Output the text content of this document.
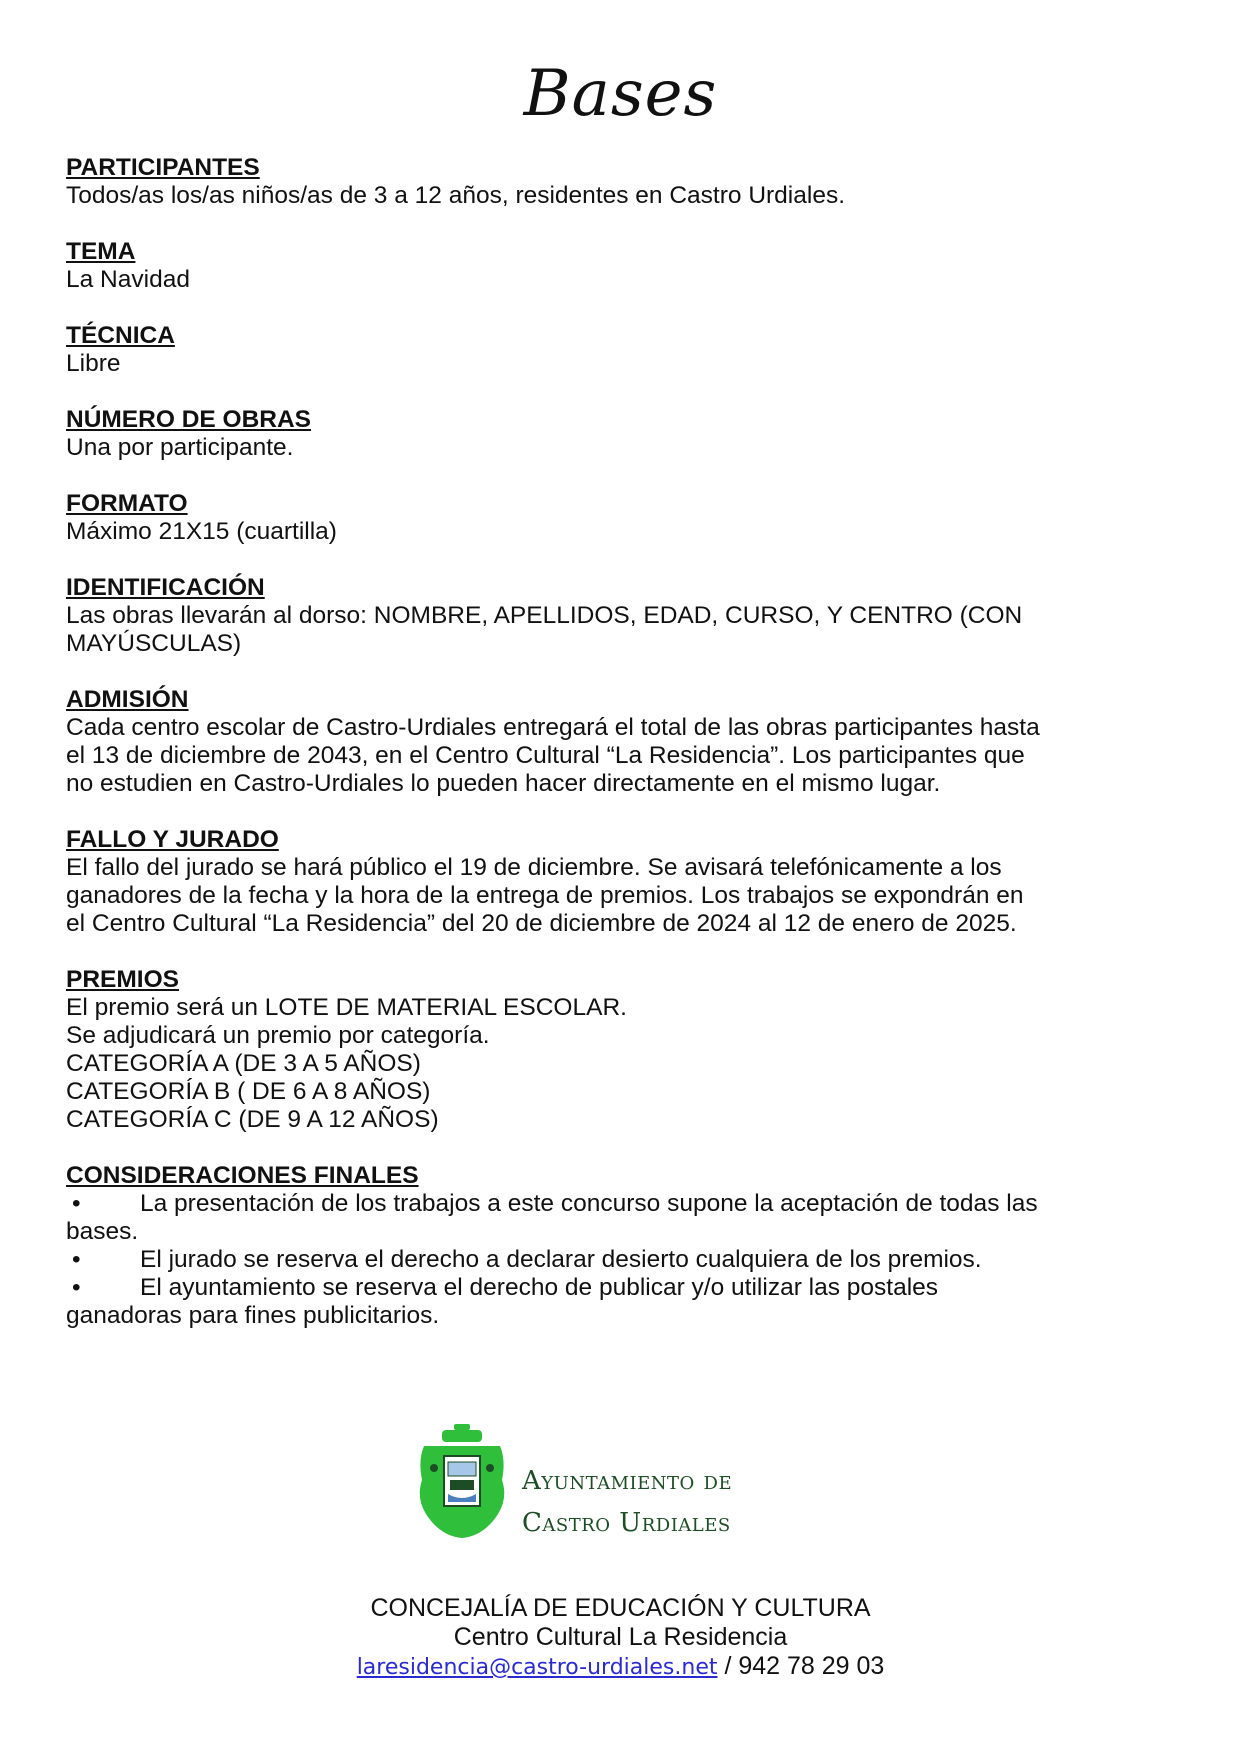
Bases
PARTICIPANTES
Todos/as los/as niños/as de 3 a 12 años, residentes en Castro Urdiales.
TEMA
La Navidad
TÉCNICA
Libre
NÚMERO DE OBRAS
Una por participante.
FORMATO
Máximo 21X15 (cuartilla)
IDENTIFICACIÓN
Las obras llevarán al dorso: NOMBRE, APELLIDOS, EDAD, CURSO, Y CENTRO (CON
MAYÚSCULAS)
ADMISIÓN
Cada centro escolar de Castro-Urdiales entregará el total de las obras participantes hasta
el 13 de diciembre de 2043, en el Centro Cultural “La Residencia”. Los participantes que
no estudien en Castro-Urdiales lo pueden hacer directamente en el mismo lugar.
FALLO Y JURADO
El fallo del jurado se hará público el 19 de diciembre. Se avisará telefónicamente a los
ganadores de la fecha y la hora de la entrega de premios. Los trabajos se expondrán en
el Centro Cultural “La Residencia” del 20 de diciembre de 2024 al 12 de enero de 2025.
PREMIOS
El premio será un LOTE DE MATERIAL ESCOLAR.
Se adjudicará un premio por categoría.
CATEGORÍA A (DE 3 A 5 AÑOS)
CATEGORÍA B ( DE 6 A 8 AÑOS)
CATEGORÍA C (DE 9 A 12 AÑOS)
CONSIDERACIONES FINALES
• La presentación de los trabajos a este concurso supone la aceptación de todas las
bases.
• El jurado se reserva el derecho a declarar desierto cualquiera de los premios.
• El ayuntamiento se reserva el derecho de publicar y/o utilizar las postales
ganadoras para fines publicitarios.
Ayuntamiento de
Castro Urdiales
CONCEJALÍA DE EDUCACIÓN Y CULTURA
Centro Cultural La Residencia
laresidencia@castro-urdiales.net / 942 78 29 03
